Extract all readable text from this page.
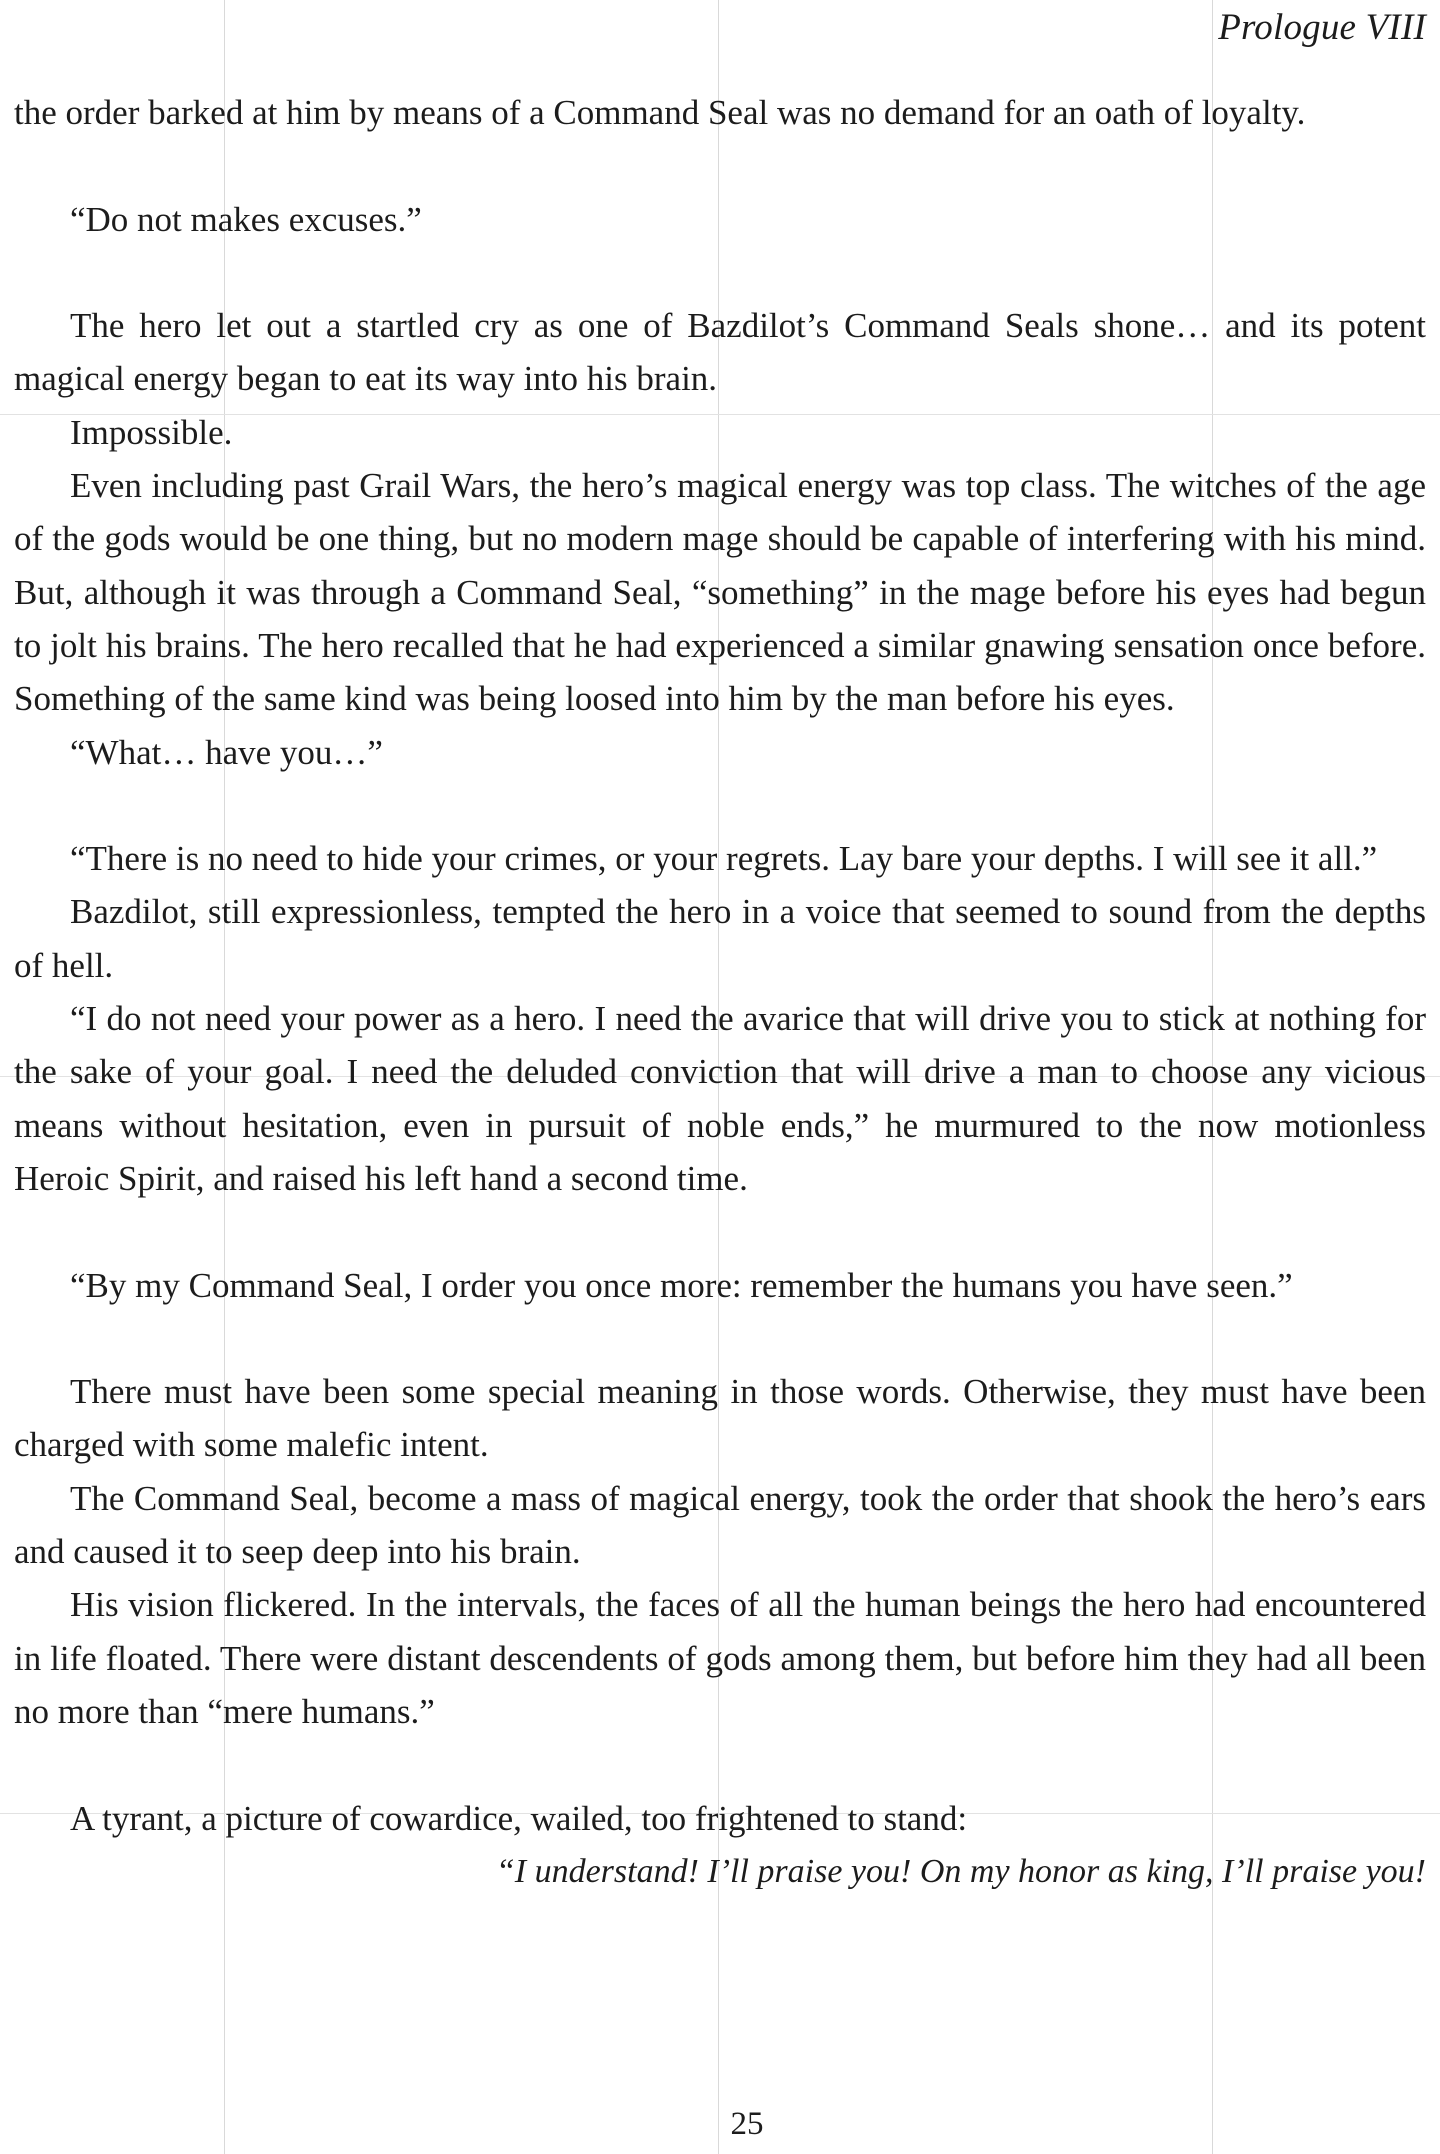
Prologue VIII

the order barked at him by means of a Command Seal was no demand for an oath of loyalty.

“Do not makes excuses.”

The hero let out a startled cry as one of Bazdilot’s Command Seals shone… and its potent magical energy began to eat its way into his brain.

Impossible.

Even including past Grail Wars, the hero’s magical energy was top class. The witches of the age of the gods would be one thing, but no modern mage should be capable of interfering with his mind. But, although it was through a Command Seal, “something” in the mage before his eyes had begun to jolt his brains. The hero recalled that he had experienced a similar gnawing sensation once before. Something of the same kind was being loosed into him by the man before his eyes.

“What… have you…”

“There is no need to hide your crimes, or your regrets. Lay bare your depths. I will see it all.”

Bazdilot, still expressionless, tempted the hero in a voice that seemed to sound from the depths of hell.

“I do not need your power as a hero. I need the avarice that will drive you to stick at nothing for the sake of your goal. I need the deluded conviction that will drive a man to choose any vicious means without hesitation, even in pursuit of noble ends,” he murmured to the now motionless Heroic Spirit, and raised his left hand a second time.

“By my Command Seal, I order you once more: remember the humans you have seen.”

There must have been some special meaning in those words. Otherwise, they must have been charged with some malefic intent.

The Command Seal, become a mass of magical energy, took the order that shook the hero’s ears and caused it to seep deep into his brain.

His vision flickered. In the intervals, the faces of all the human beings the hero had encountered in life floated. There were distant descendents of gods among them, but before him they had all been no more than “mere humans.”

A tyrant, a picture of cowardice, wailed, too frightened to stand:

“I understand! I’ll praise you! On my honor as king, I’ll praise you!

25
